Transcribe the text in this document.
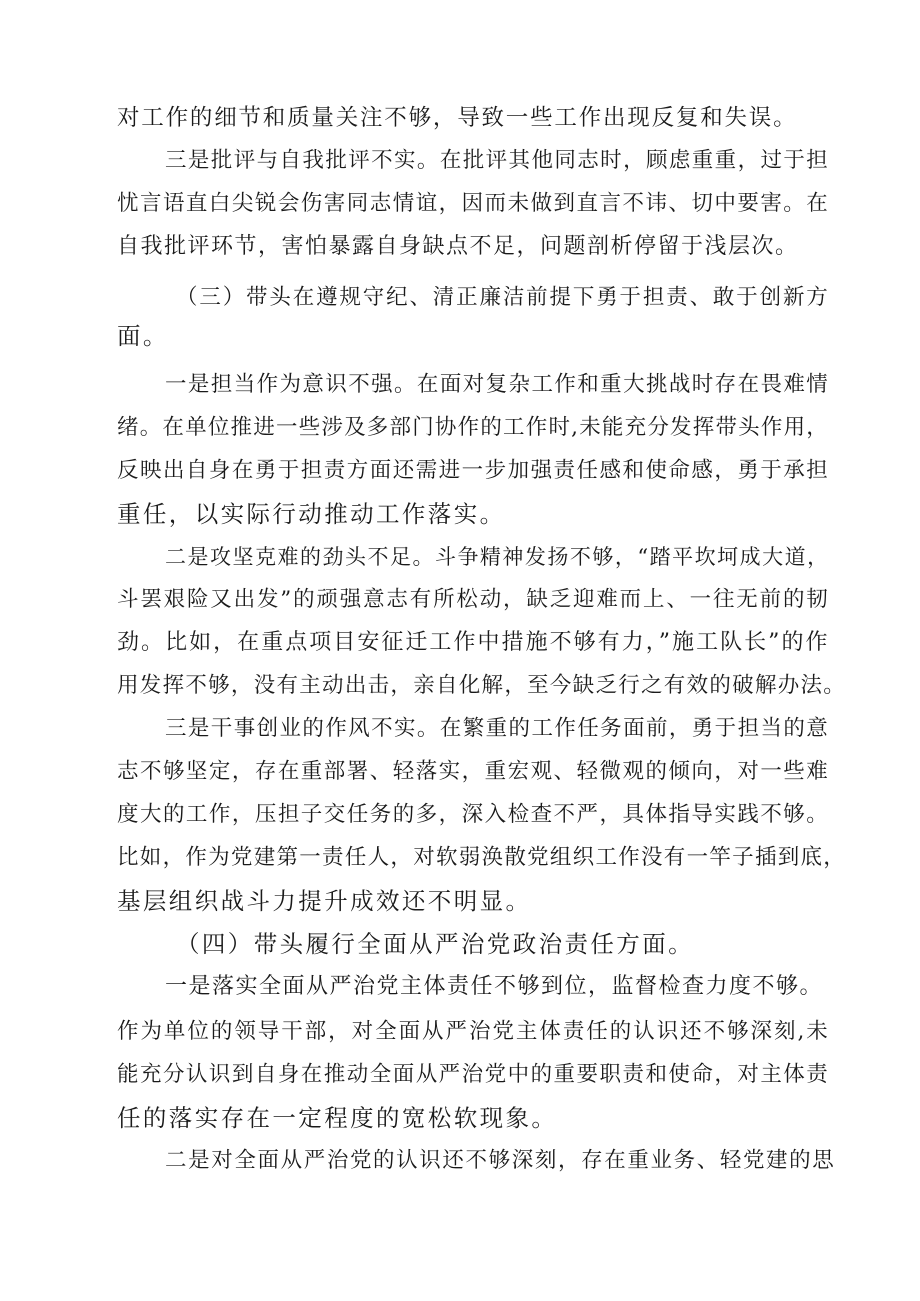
对工作的细节和质量关注不够，导致一些工作出现反复和失误。
三是批评与自我批评不实。在批评其他同志时，顾虑重重，过于担
忧言语直白尖锐会伤害同志情谊，因而未做到直言不讳、切中要害。在
自我批评环节，害怕暴露自身缺点不足，问题剖析停留于浅层次。
（三）带头在遵规守纪、清正廉洁前提下勇于担责、敢于创新方
面。
一是担当作为意识不强。在面对复杂工作和重大挑战时存在畏难情
绪。在单位推进一些涉及多部门协作的工作时,未能充分发挥带头作用，
反映出自身在勇于担责方面还需进一步加强责任感和使命感，勇于承担
重任，以实际行动推动工作落实。
二是攻坚克难的劲头不足。斗争精神发扬不够，“踏平坎坷成大道，
斗罢艰险又出发”的顽强意志有所松动，缺乏迎难而上、一往无前的韧
劲。比如，在重点项目安征迁工作中措施不够有力，”施工队长”的作
用发挥不够，没有主动出击，亲自化解，至今缺乏行之有效的破解办法。
三是干事创业的作风不实。在繁重的工作任务面前，勇于担当的意
志不够坚定，存在重部署、轻落实，重宏观、轻微观的倾向，对一些难
度大的工作，压担子交任务的多，深入检查不严，具体指导实践不够。
比如，作为党建第一责任人，对软弱涣散党组织工作没有一竿子插到底，
基层组织战斗力提升成效还不明显。
（四）带头履行全面从严治党政治责任方面。
一是落实全面从严治党主体责任不够到位，监督检查力度不够。
作为单位的领导干部，对全面从严治党主体责任的认识还不够深刻,未
能充分认识到自身在推动全面从严治党中的重要职责和使命，对主体责
任的落实存在一定程度的宽松软现象。
二是对全面从严治党的认识还不够深刻，存在重业务、轻党建的思
